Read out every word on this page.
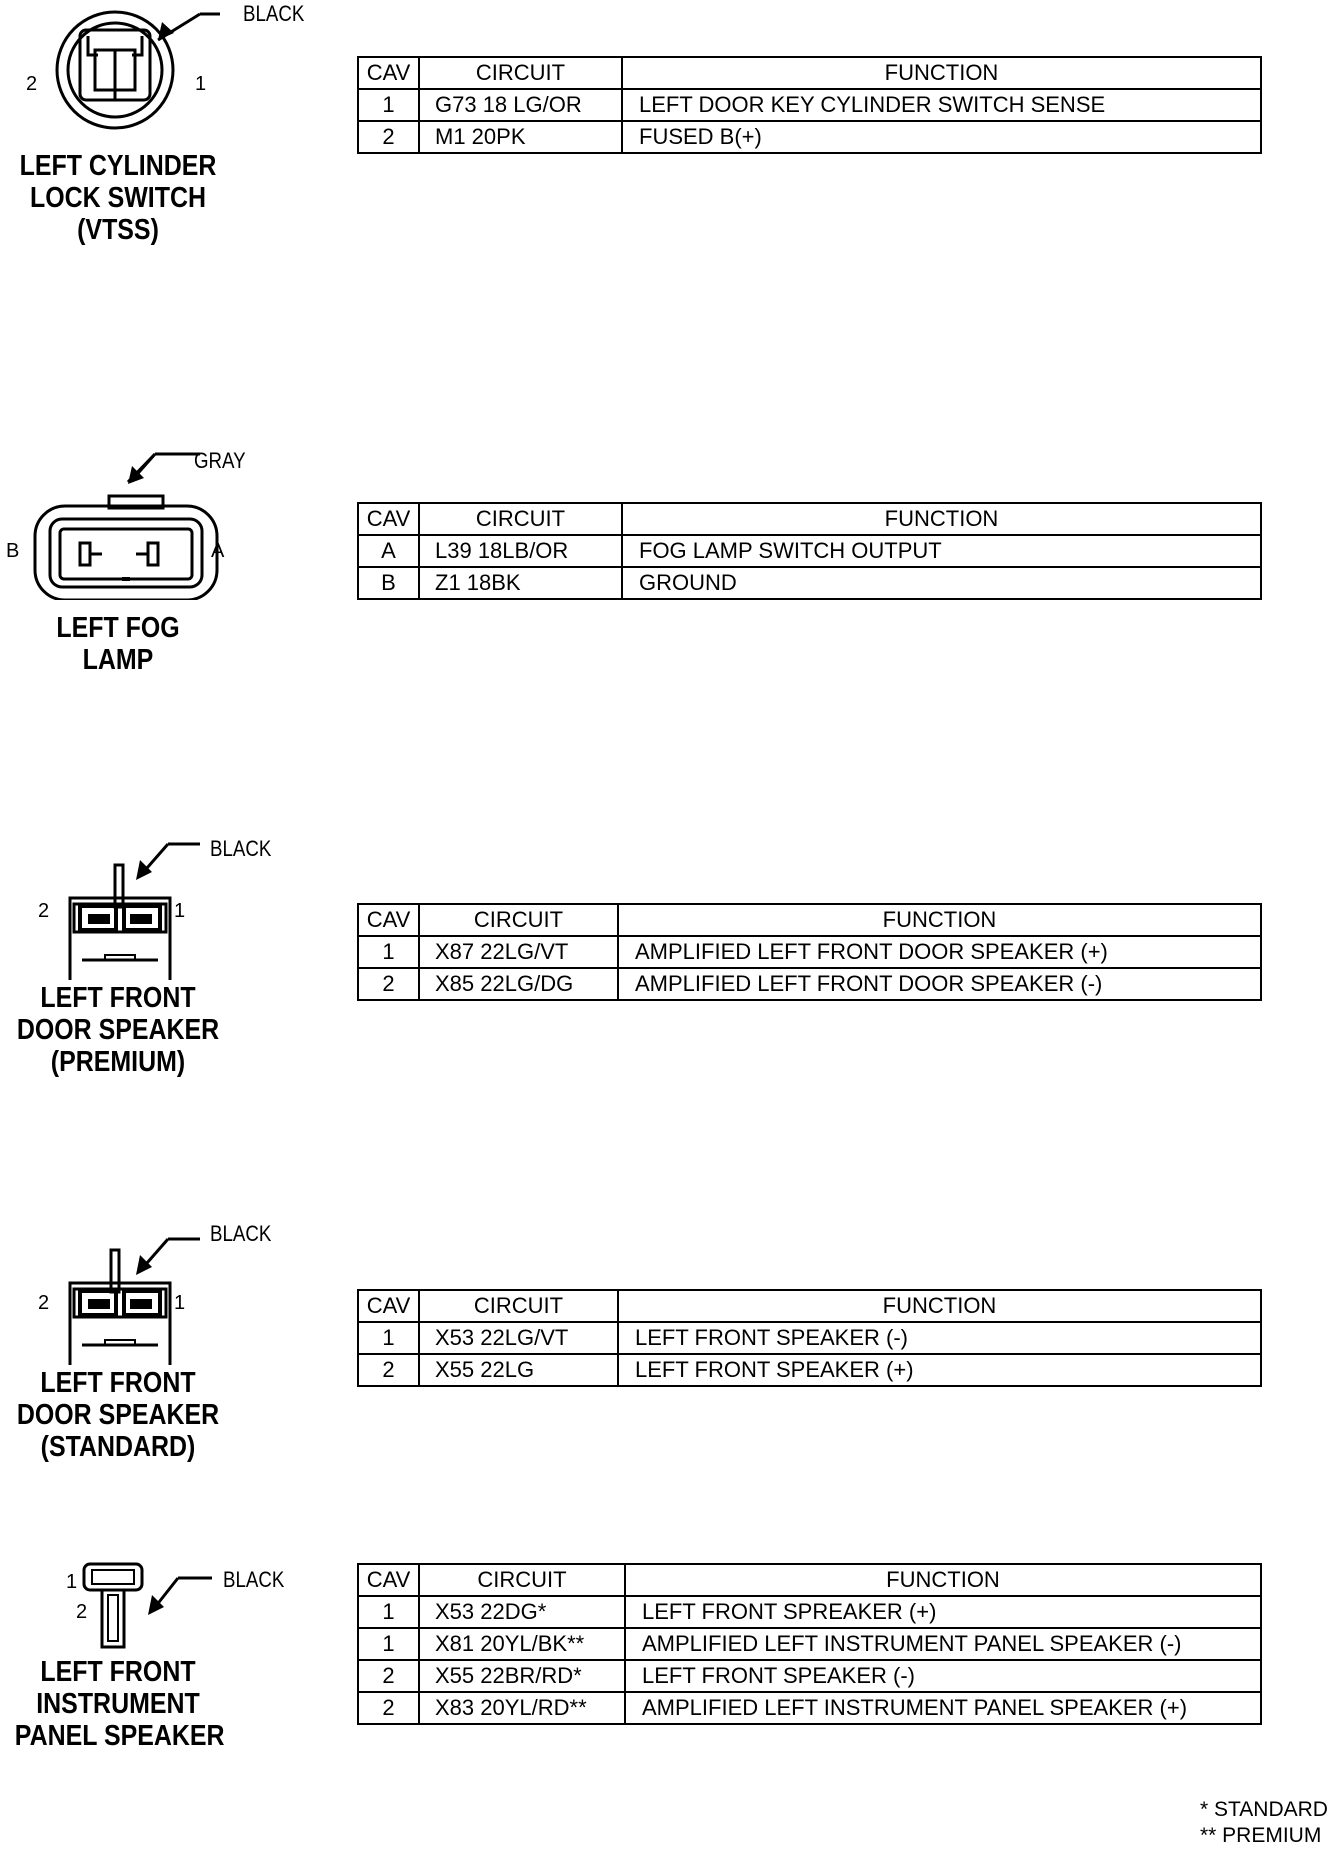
BLACK
2	1
LEFT CYLINDER
LOCK SWITCH
(VTSS)
CAV	CIRCUIT	FUNCTION
1	G73 18 LG/OR	LEFT DOOR KEY CYLINDER SWITCH SENSE
2	M1 20PK	FUSED B(+)
GRAY
B	A
LEFT FOG
LAMP
CAV	CIRCUIT	FUNCTION
A	L39 18LB/OR	FOG LAMP SWITCH OUTPUT
B	Z1 18BK	GROUND
BLACK
2	1
LEFT FRONT
DOOR SPEAKER
(PREMIUM)
CAV	CIRCUIT	FUNCTION
1	X87 22LG/VT	AMPLIFIED LEFT FRONT DOOR SPEAKER (+)
2	X85 22LG/DG	AMPLIFIED LEFT FRONT DOOR SPEAKER (-)
BLACK
2	1
LEFT FRONT
DOOR SPEAKER
(STANDARD)
CAV	CIRCUIT	FUNCTION
1	X53 22LG/VT	LEFT FRONT SPEAKER (-)
2	X55 22LG	LEFT FRONT SPEAKER (+)
BLACK
1
2
LEFT FRONT
INSTRUMENT
PANEL SPEAKER
CAV	CIRCUIT	FUNCTION
1	X53 22DG*	LEFT FRONT SPREAKER (+)
1	X81 20YL/BK**	AMPLIFIED LEFT INSTRUMENT PANEL SPEAKER (-)
2	X55 22BR/RD*	LEFT FRONT SPEAKER (-)
2	X83 20YL/RD**	AMPLIFIED LEFT INSTRUMENT PANEL SPEAKER (+)
* STANDARD
** PREMIUM
